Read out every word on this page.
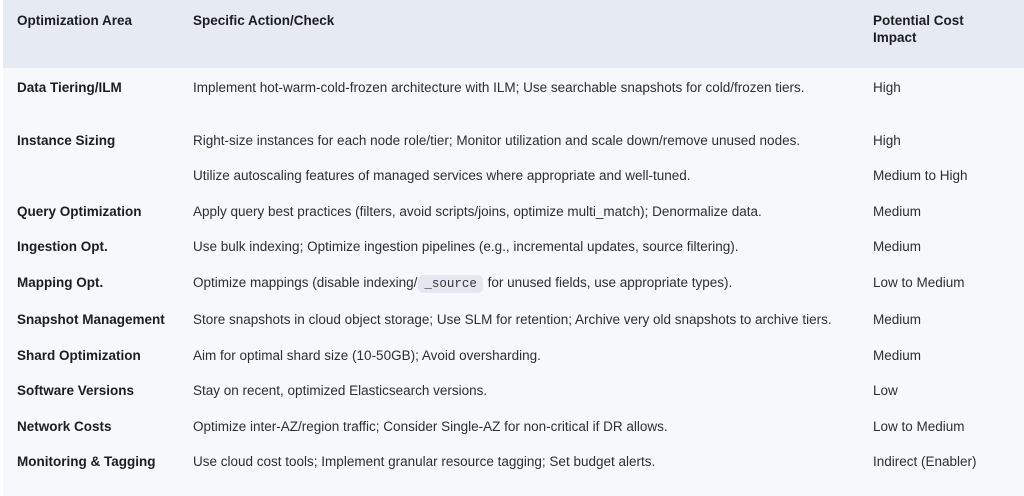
Optimization Area	Specific Action/Check	Potential Cost Impact
Data Tiering/ILM	Implement hot-warm-cold-frozen architecture with ILM; Use searchable snapshots for cold/frozen tiers.	High
Instance Sizing	Right-size instances for each node role/tier; Monitor utilization and scale down/remove unused nodes.	High
	Utilize autoscaling features of managed services where appropriate and well-tuned.	Medium to High
Query Optimization	Apply query best practices (filters, avoid scripts/joins, optimize multi_match); Denormalize data.	Medium
Ingestion Opt.	Use bulk indexing; Optimize ingestion pipelines (e.g., incremental updates, source filtering).	Medium
Mapping Opt.	Optimize mappings (disable indexing/ _source for unused fields, use appropriate types).	Low to Medium
Snapshot Management	Store snapshots in cloud object storage; Use SLM for retention; Archive very old snapshots to archive tiers.	Medium
Shard Optimization	Aim for optimal shard size (10-50GB); Avoid oversharding.	Medium
Software Versions	Stay on recent, optimized Elasticsearch versions.	Low
Network Costs	Optimize inter-AZ/region traffic; Consider Single-AZ for non-critical if DR allows.	Low to Medium
Monitoring & Tagging	Use cloud cost tools; Implement granular resource tagging; Set budget alerts.	Indirect (Enabler)
